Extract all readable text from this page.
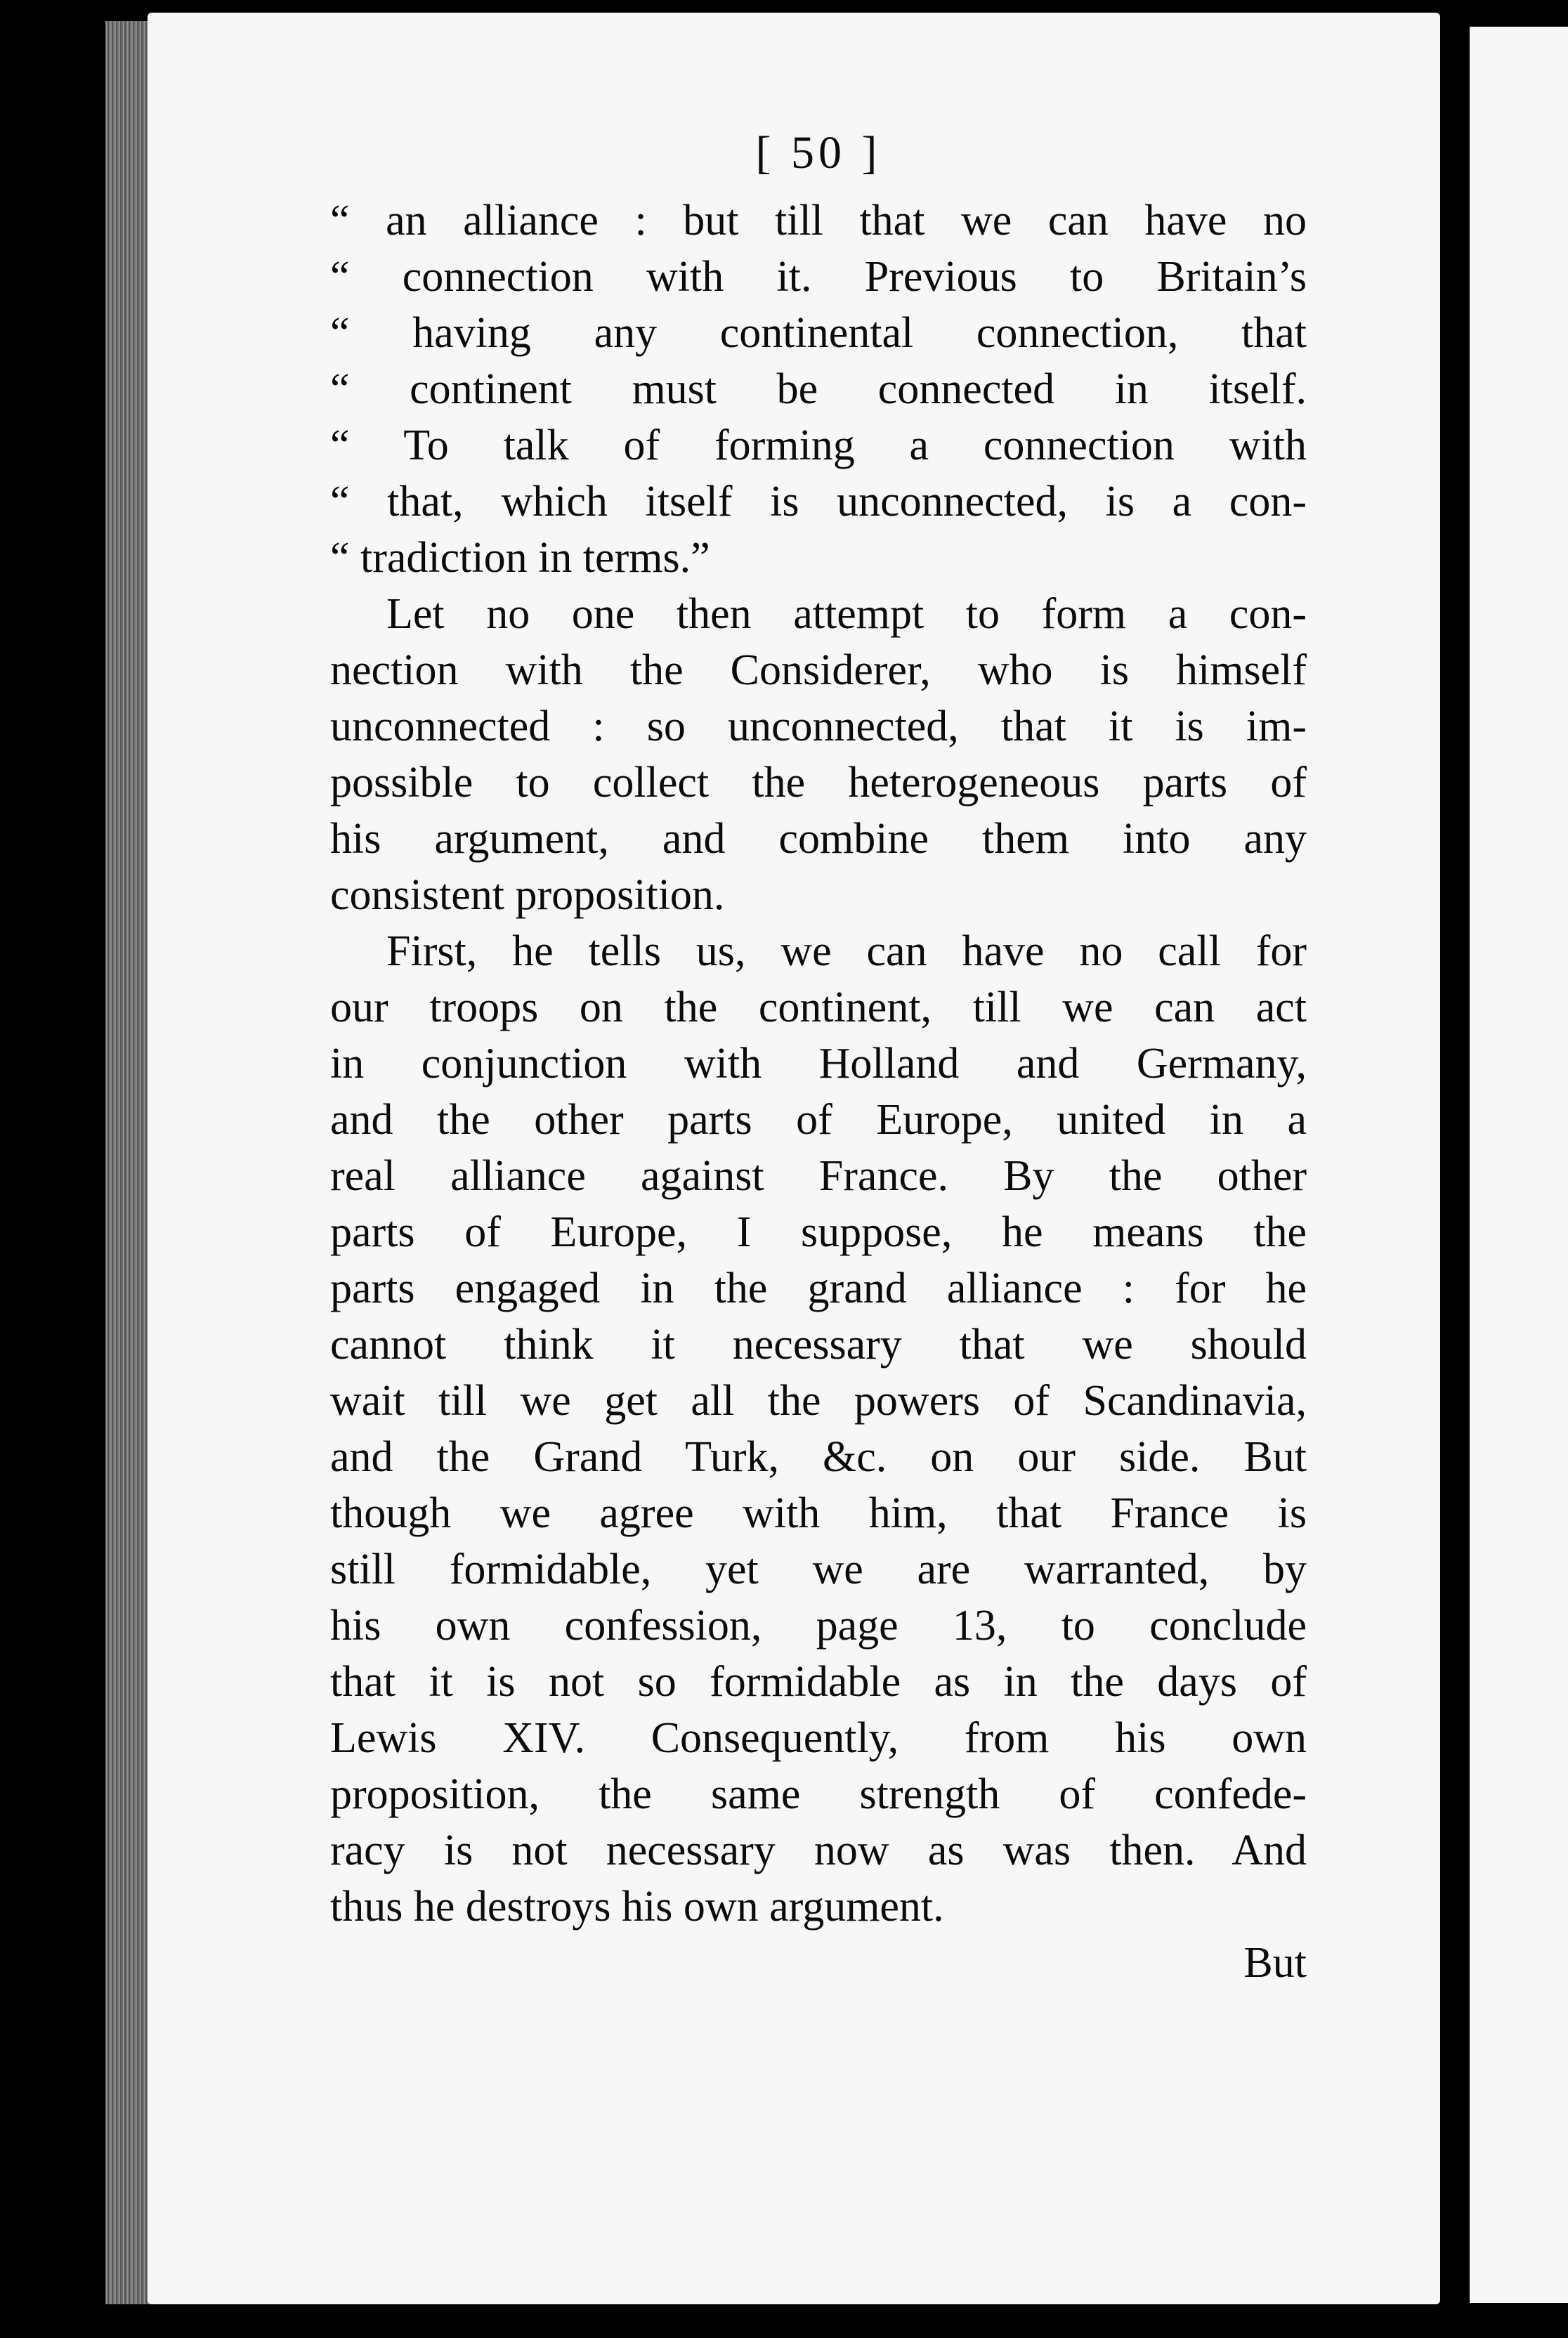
[ 50 ]
“ an alliance : but till that we can have no
“ connection with it. Previous to Britain’s
“ having any continental connection, that
“ continent must be connected in itself.
“ To talk of forming a connection with
“ that, which itself is unconnected, is a con-
“ tradiction in terms.”
Let no one then attempt to form a con-
nection with the Considerer, who is himself
unconnected : so unconnected, that it is im-
possible to collect the heterogeneous parts of
his argument, and combine them into any
consistent proposition.
First, he tells us, we can have no call for
our troops on the continent, till we can act
in conjunction with Holland and Germany,
and the other parts of Europe, united in a
real alliance against France. By the other
parts of Europe, I suppose, he means the
parts engaged in the grand alliance : for he
cannot think it necessary that we should
wait till we get all the powers of Scandinavia,
and the Grand Turk, &c. on our side. But
though we agree with him, that France is
still formidable, yet we are warranted, by
his own confession, page 13, to conclude
that it is not so formidable as in the days of
Lewis XIV. Consequently, from his own
proposition, the same strength of confede-
racy is not necessary now as was then. And
thus he destroys his own argument.
But
